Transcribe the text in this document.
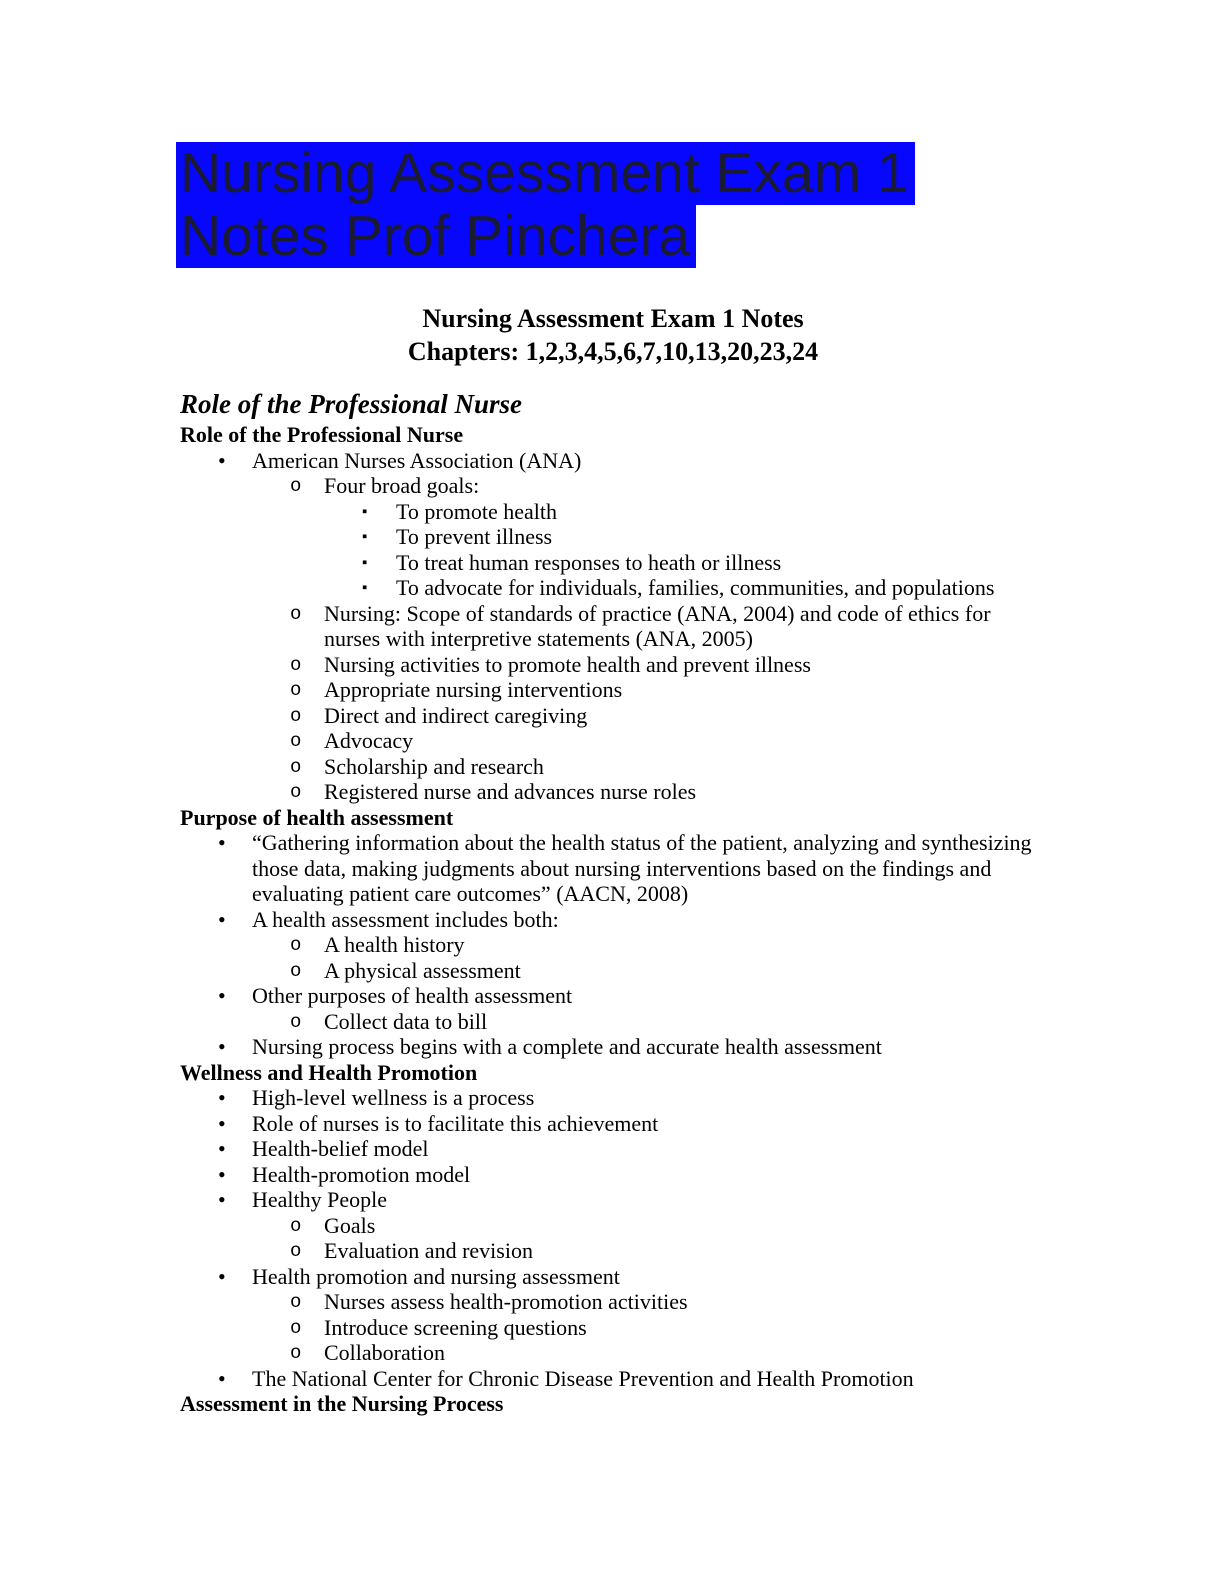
Nursing Assessment Exam 1
Notes Prof Pinchera
Nursing Assessment Exam 1 Notes
Chapters: 1,2,3,4,5,6,7,10,13,20,23,24
Role of the Professional Nurse
Role of the Professional Nurse
• American Nurses Association (ANA)
o Four broad goals:
▪ To promote health
▪ To prevent illness
▪ To treat human responses to heath or illness
▪ To advocate for individuals, families, communities, and populations
o Nursing: Scope of standards of practice (ANA, 2004) and code of ethics for nurses with interpretive statements (ANA, 2005)
o Nursing activities to promote health and prevent illness
o Appropriate nursing interventions
o Direct and indirect caregiving
o Advocacy
o Scholarship and research
o Registered nurse and advances nurse roles
Purpose of health assessment
• “Gathering information about the health status of the patient, analyzing and synthesizing those data, making judgments about nursing interventions based on the findings and evaluating patient care outcomes” (AACN, 2008)
• A health assessment includes both:
o A health history
o A physical assessment
• Other purposes of health assessment
o Collect data to bill
• Nursing process begins with a complete and accurate health assessment
Wellness and Health Promotion
• High-level wellness is a process
• Role of nurses is to facilitate this achievement
• Health-belief model
• Health-promotion model
• Healthy People
o Goals
o Evaluation and revision
• Health promotion and nursing assessment
o Nurses assess health-promotion activities
o Introduce screening questions
o Collaboration
• The National Center for Chronic Disease Prevention and Health Promotion
Assessment in the Nursing Process
